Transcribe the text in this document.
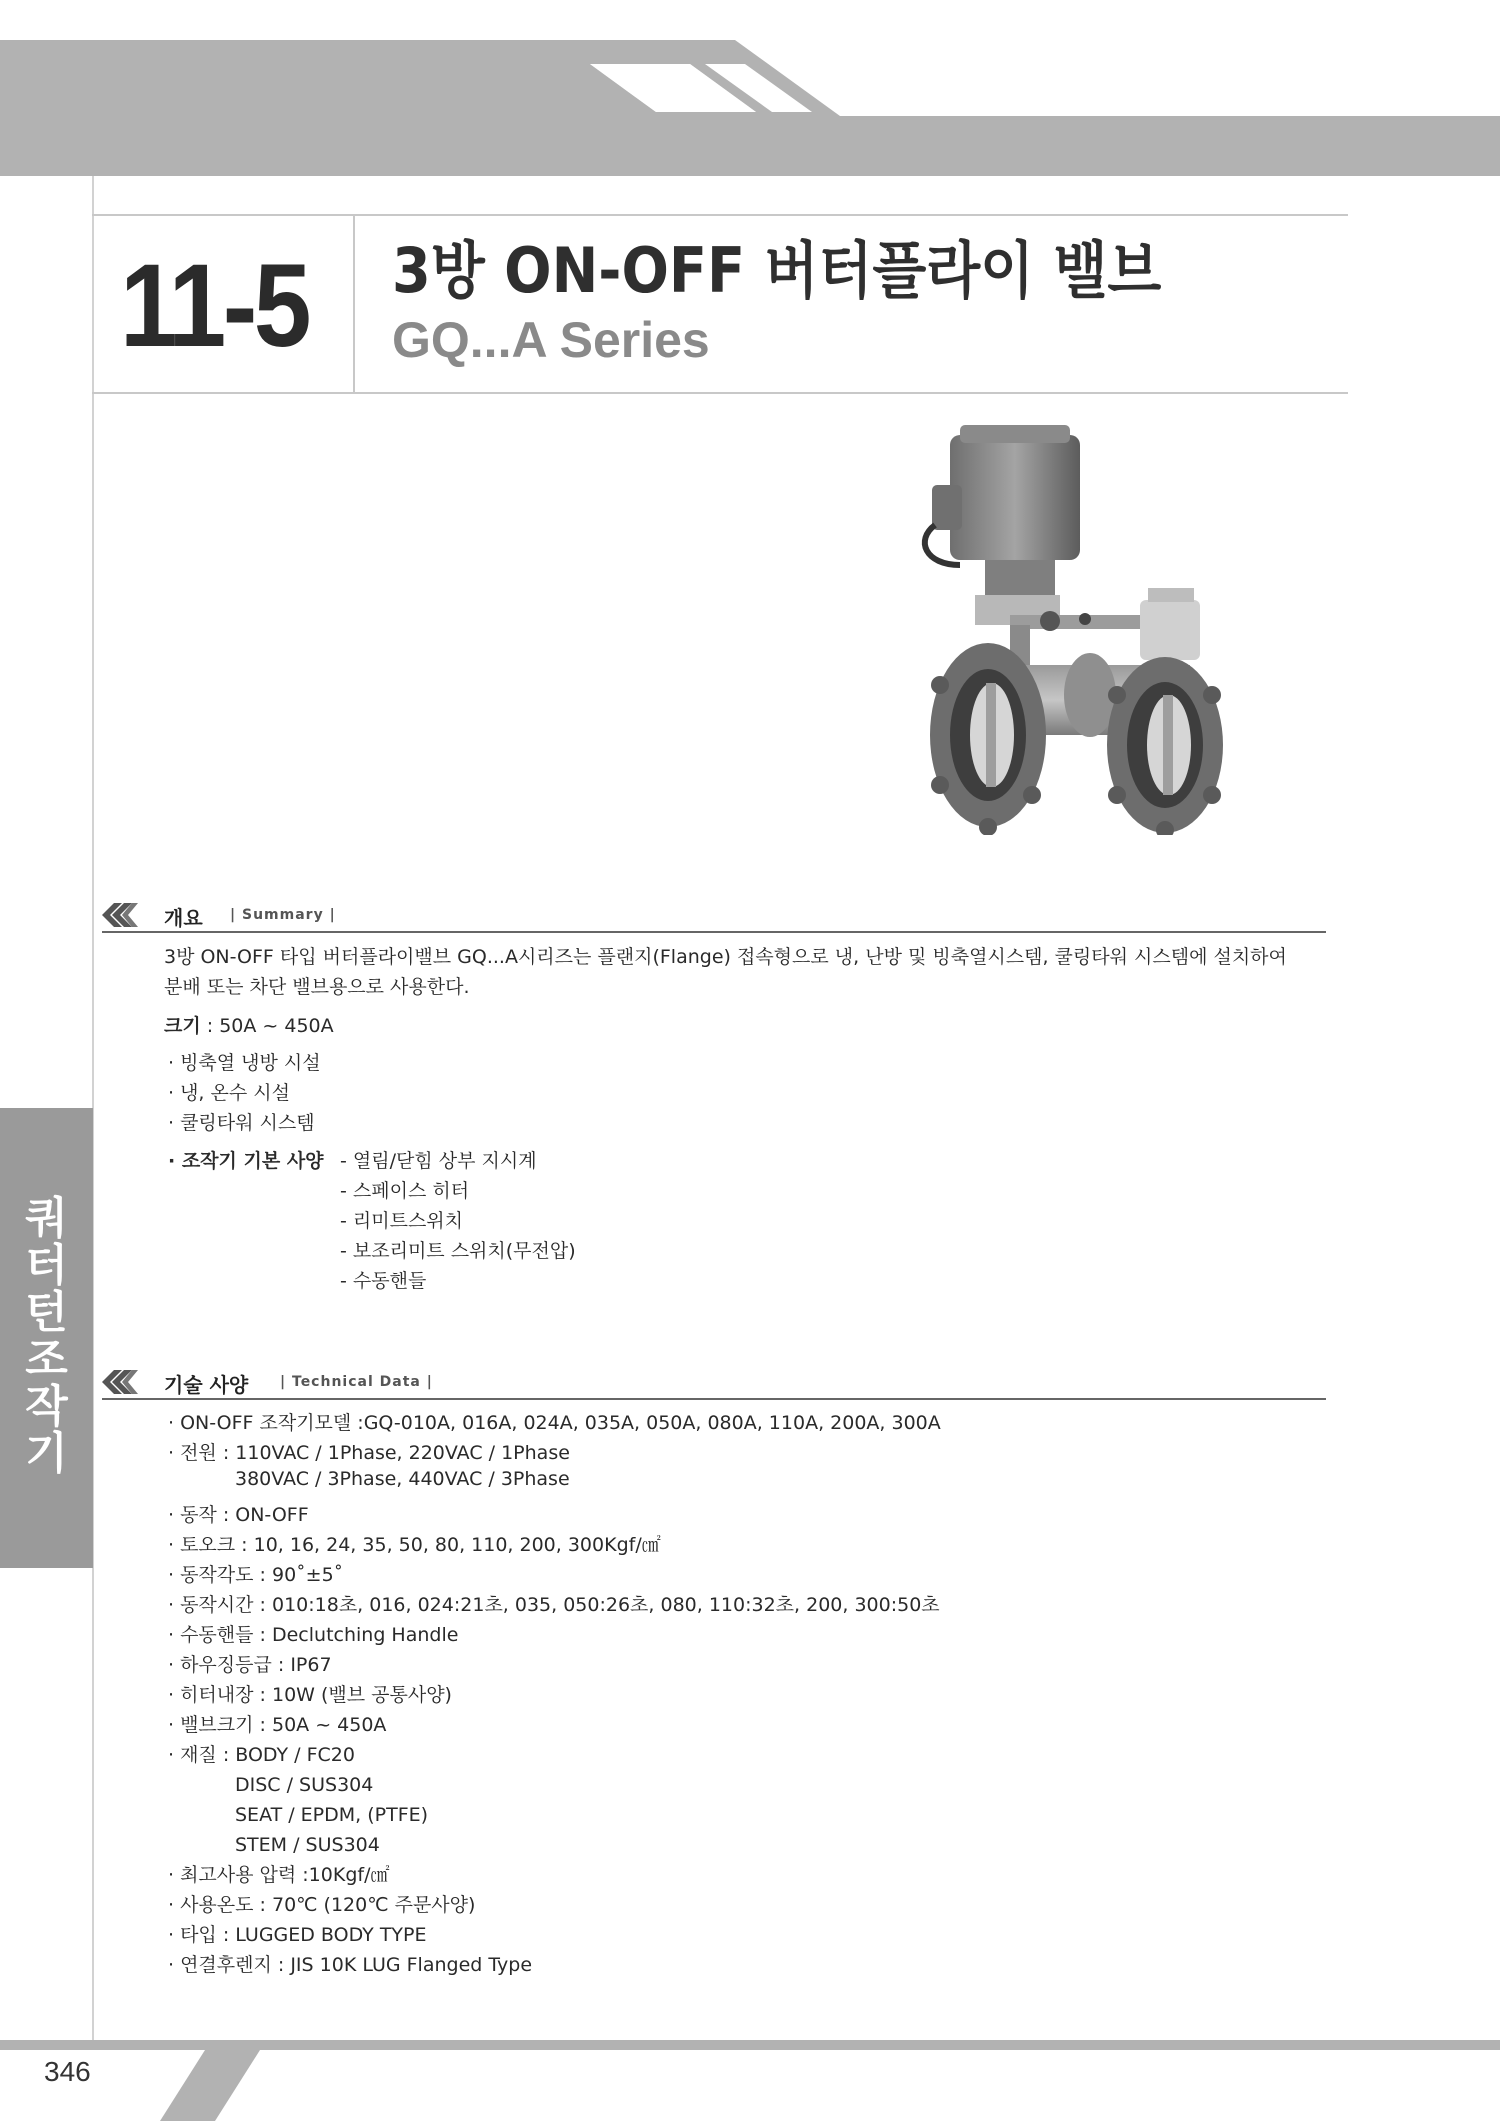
11-5 3방 ON-OFF 버터플라이 밸브
GQ...A Series
개요 | Summary |
3방 ON-OFF 타입 버터플라이밸브 GQ...A시리즈는 플랜지(Flange) 접속형으로 냉, 난방 및 빙축열시스템, 쿨링타워 시스템에 설치하여
분배 또는 차단 밸브용으로 사용한다.
크기 : 50A ~ 450A
· 빙축열 냉방 시설
· 냉, 온수 시설
· 쿨링타워 시스템
· 조작기 기본 사양 - 열림/닫힘 상부 지시계
- 스페이스 히터
- 리미트스위치
- 보조리미트 스위치(무전압)
- 수동핸들
쿼터턴조작기
기술 사양 | Technical Data |
· ON-OFF 조작기모델 :GQ-010A, 016A, 024A, 035A, 050A, 080A, 110A, 200A, 300A
· 전원 : 110VAC / 1Phase, 220VAC / 1Phase
380VAC / 3Phase, 440VAC / 3Phase
· 동작 : ON-OFF
· 토오크 : 10, 16, 24, 35, 50, 80, 110, 200, 300Kgf/㎠
· 동작각도 : 90˚±5˚
· 동작시간 : 010:18초, 016, 024:21초, 035, 050:26초, 080, 110:32초, 200, 300:50초
· 수동핸들 : Declutching Handle
· 하우징등급 : IP67
· 히터내장 : 10W (밸브 공통사양)
· 밸브크기 : 50A ~ 450A
· 재질 : BODY / FC20
DISC / SUS304
SEAT / EPDM, (PTFE)
STEM / SUS304
· 최고사용 압력 :10Kgf/㎠
· 사용온도 : 70℃ (120℃ 주문사양)
· 타입 : LUGGED BODY TYPE
· 연결후렌지 : JIS 10K LUG Flanged Type
346
